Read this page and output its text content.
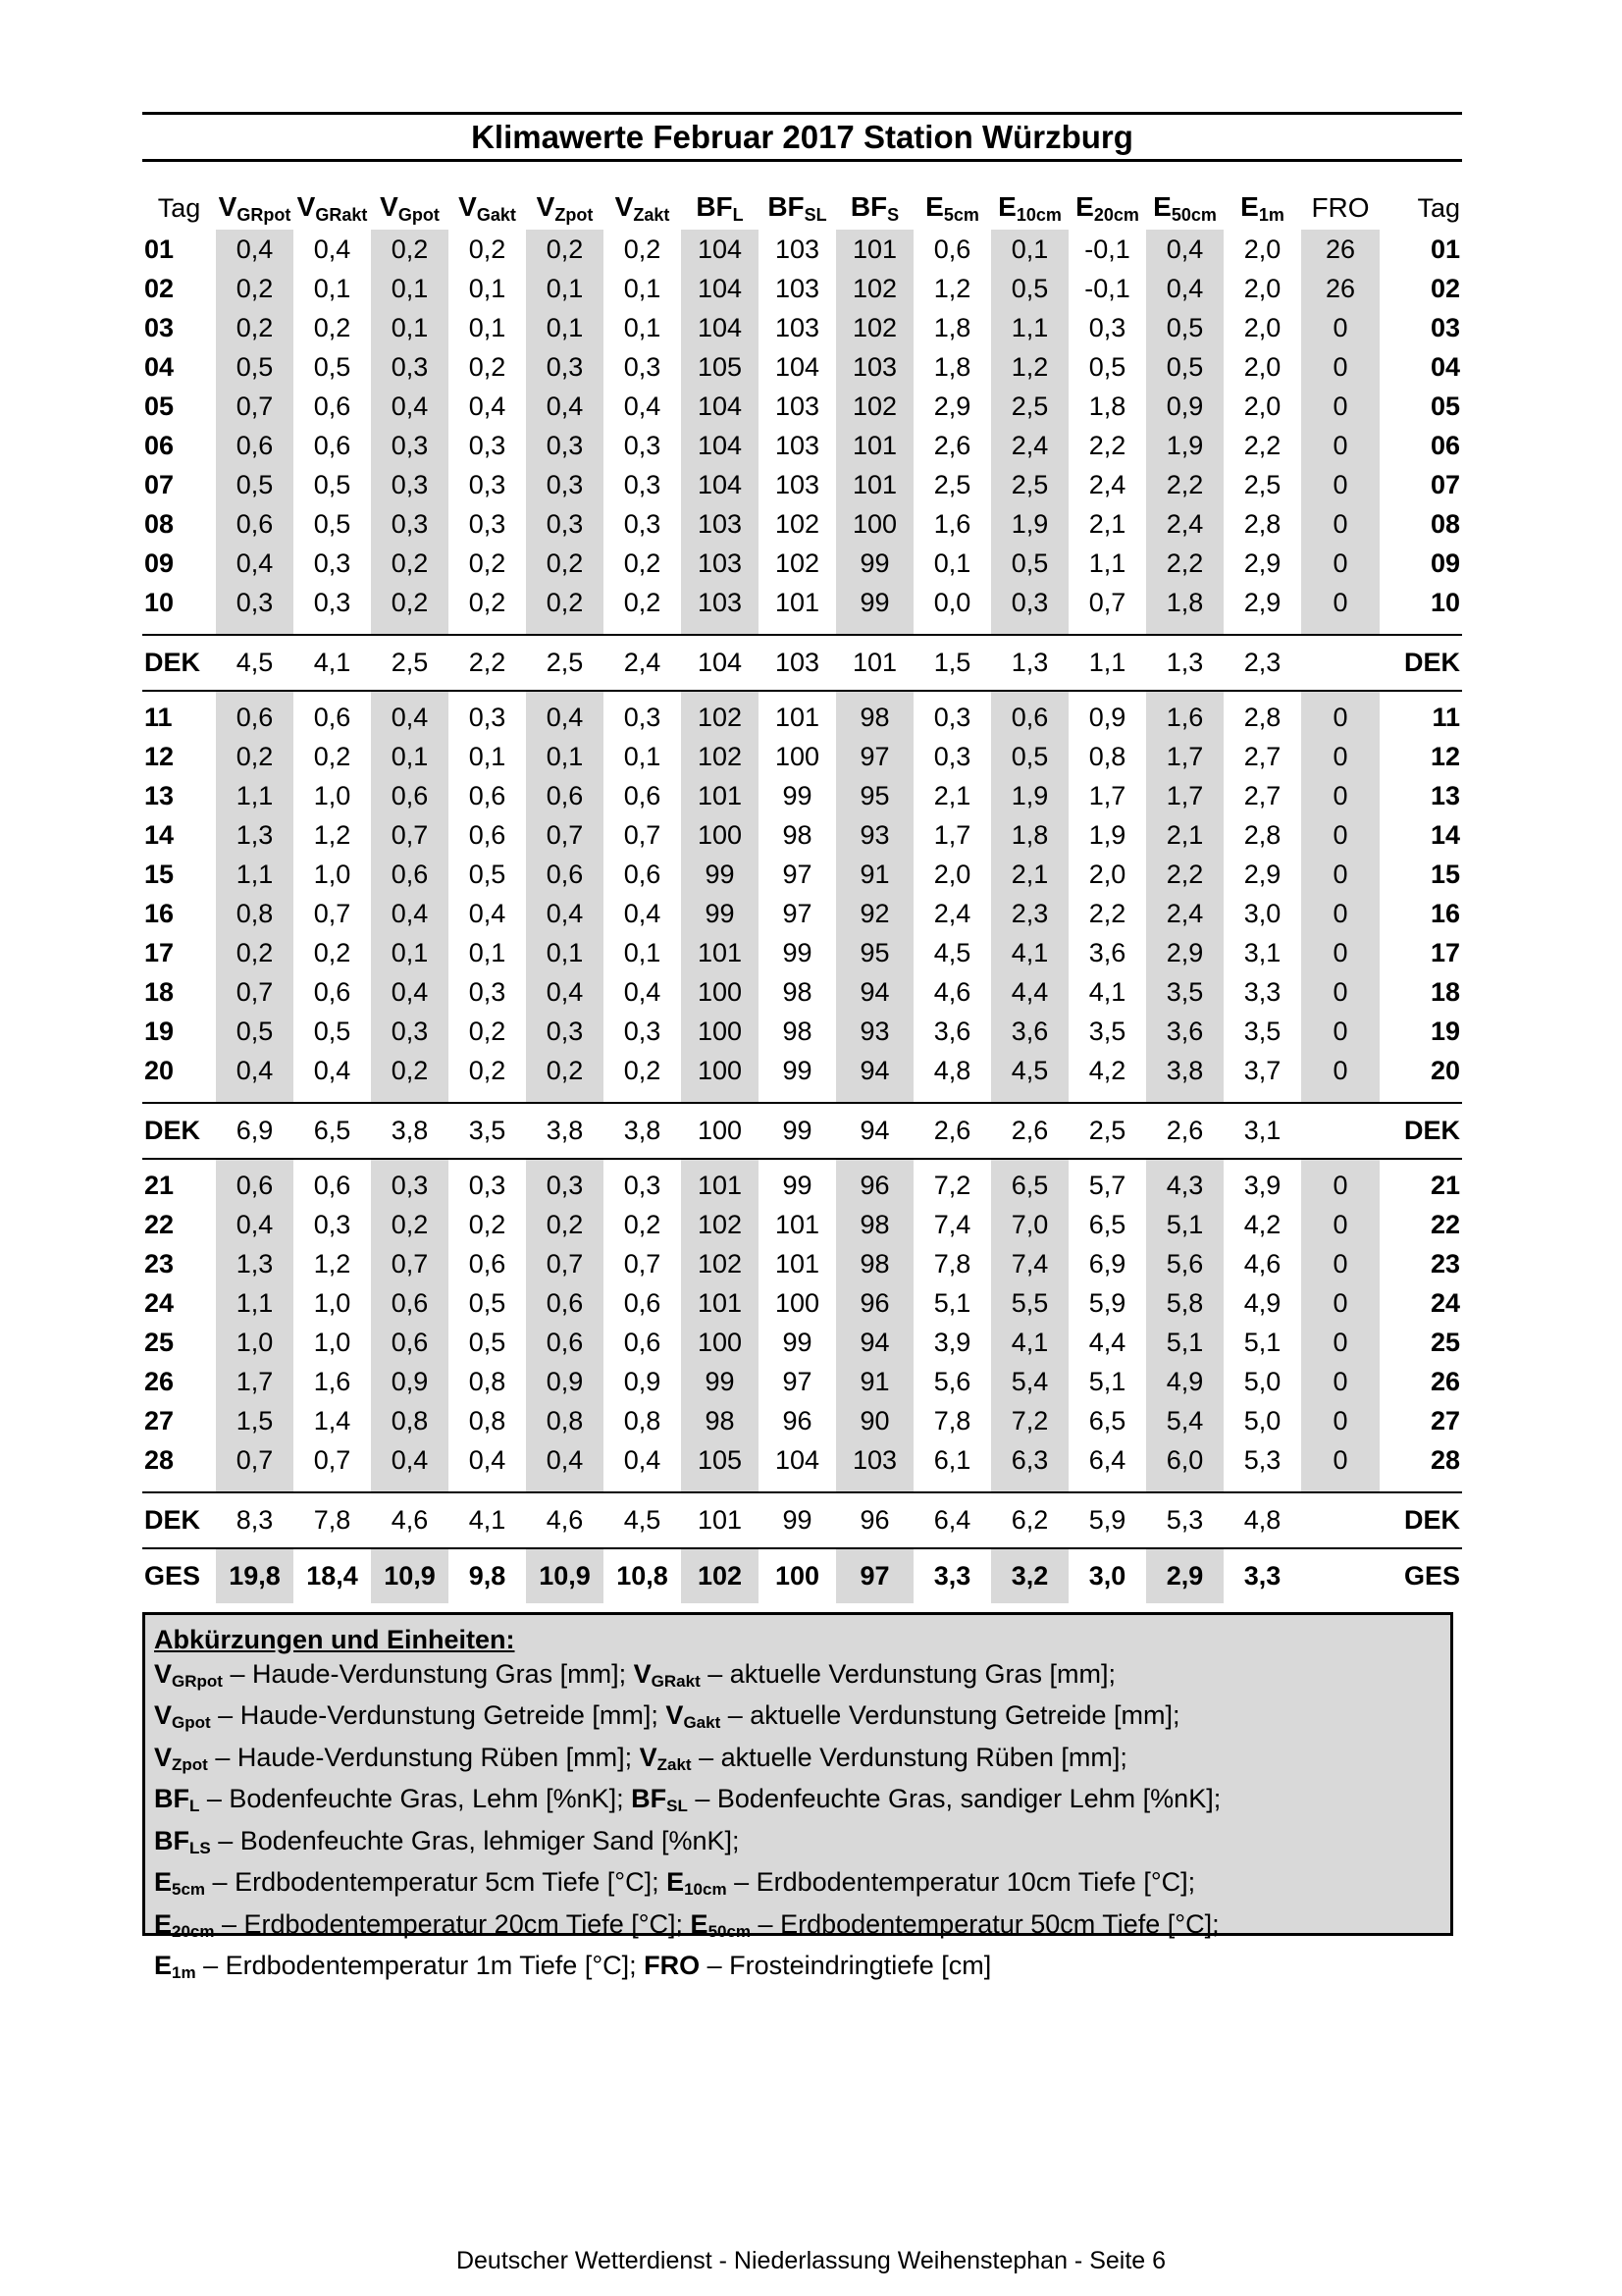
Klimawerte Februar 2017 Station Würzburg
Tag	$V_{GRpot}$	$V_{GRakt}$	$V_{Gpot}$	$V_{Gakt}$	$V_{Zpot}$	$V_{Zakt}$	$BF_L$	$BF_{SL}$	$BF_S$	$E_{5cm}$	$E_{10cm}$	$E_{20cm}$	$E_{50cm}$	$E_{1m}$	FRO	Tag
01	0,4	0,4	0,2	0,2	0,2	0,2	104	103	101	0,6	0,1	-0,1	0,4	2,0	26	01
02	0,2	0,1	0,1	0,1	0,1	0,1	104	103	102	1,2	0,5	-0,1	0,4	2,0	26	02
03	0,2	0,2	0,1	0,1	0,1	0,1	104	103	102	1,8	1,1	0,3	0,5	2,0	0	03
04	0,5	0,5	0,3	0,2	0,3	0,3	105	104	103	1,8	1,2	0,5	0,5	2,0	0	04
05	0,7	0,6	0,4	0,4	0,4	0,4	104	103	102	2,9	2,5	1,8	0,9	2,0	0	05
06	0,6	0,6	0,3	0,3	0,3	0,3	104	103	101	2,6	2,4	2,2	1,9	2,2	0	06
07	0,5	0,5	0,3	0,3	0,3	0,3	104	103	101	2,5	2,5	2,4	2,2	2,5	0	07
08	0,6	0,5	0,3	0,3	0,3	0,3	103	102	100	1,6	1,9	2,1	2,4	2,8	0	08
09	0,4	0,3	0,2	0,2	0,2	0,2	103	102	99	0,1	0,5	1,1	2,2	2,9	0	09
10	0,3	0,3	0,2	0,2	0,2	0,2	103	101	99	0,0	0,3	0,7	1,8	2,9	0	10

DEK	4,5	4,1	2,5	2,2	2,5	2,4	104	103	101	1,5	1,3	1,1	1,3	2,3		DEK

11	0,6	0,6	0,4	0,3	0,4	0,3	102	101	98	0,3	0,6	0,9	1,6	2,8	0	11
12	0,2	0,2	0,1	0,1	0,1	0,1	102	100	97	0,3	0,5	0,8	1,7	2,7	0	12
13	1,1	1,0	0,6	0,6	0,6	0,6	101	99	95	2,1	1,9	1,7	1,7	2,7	0	13
14	1,3	1,2	0,7	0,6	0,7	0,7	100	98	93	1,7	1,8	1,9	2,1	2,8	0	14
15	1,1	1,0	0,6	0,5	0,6	0,6	99	97	91	2,0	2,1	2,0	2,2	2,9	0	15
16	0,8	0,7	0,4	0,4	0,4	0,4	99	97	92	2,4	2,3	2,2	2,4	3,0	0	16
17	0,2	0,2	0,1	0,1	0,1	0,1	101	99	95	4,5	4,1	3,6	2,9	3,1	0	17
18	0,7	0,6	0,4	0,3	0,4	0,4	100	98	94	4,6	4,4	4,1	3,5	3,3	0	18
19	0,5	0,5	0,3	0,2	0,3	0,3	100	98	93	3,6	3,6	3,5	3,6	3,5	0	19
20	0,4	0,4	0,2	0,2	0,2	0,2	100	99	94	4,8	4,5	4,2	3,8	3,7	0	20

DEK	6,9	6,5	3,8	3,5	3,8	3,8	100	99	94	2,6	2,6	2,5	2,6	3,1		DEK

21	0,6	0,6	0,3	0,3	0,3	0,3	101	99	96	7,2	6,5	5,7	4,3	3,9	0	21
22	0,4	0,3	0,2	0,2	0,2	0,2	102	101	98	7,4	7,0	6,5	5,1	4,2	0	22
23	1,3	1,2	0,7	0,6	0,7	0,7	102	101	98	7,8	7,4	6,9	5,6	4,6	0	23
24	1,1	1,0	0,6	0,5	0,6	0,6	101	100	96	5,1	5,5	5,9	5,8	4,9	0	24
25	1,0	1,0	0,6	0,5	0,6	0,6	100	99	94	3,9	4,1	4,4	5,1	5,1	0	25
26	1,7	1,6	0,9	0,8	0,9	0,9	99	97	91	5,6	5,4	5,1	4,9	5,0	0	26
27	1,5	1,4	0,8	0,8	0,8	0,8	98	96	90	7,8	7,2	6,5	5,4	5,0	0	27
28	0,7	0,7	0,4	0,4	0,4	0,4	105	104	103	6,1	6,3	6,4	6,0	5,3	0	28

DEK	8,3	7,8	4,6	4,1	4,6	4,5	101	99	96	6,4	6,2	5,9	5,3	4,8		DEK
GES	19,8	18,4	10,9	9,8	10,9	10,8	102	100	97	3,3	3,2	3,0	2,9	3,3		GES
Abkürzungen und Einheiten:
$V_{GRpot}$ – Haude-Verdunstung Gras [mm]; $V_{GRakt}$ – aktuelle Verdunstung Gras [mm];
$V_{Gpot}$ – Haude-Verdunstung Getreide [mm]; $V_{Gakt}$ – aktuelle Verdunstung Getreide [mm];
$V_{Zpot}$ – Haude-Verdunstung Rüben [mm]; $V_{Zakt}$ – aktuelle Verdunstung Rüben [mm];
$BF_L$ – Bodenfeuchte Gras, Lehm [%nK]; $BF_{SL}$ – Bodenfeuchte Gras, sandiger Lehm [%nK];
$BF_{LS}$ – Bodenfeuchte Gras, lehmiger Sand [%nK];
$E_{5cm}$ – Erdbodentemperatur 5cm Tiefe [°C]; $E_{10cm}$ – Erdbodentemperatur 10cm Tiefe [°C];
$E_{20cm}$ – Erdbodentemperatur 20cm Tiefe [°C]; $E_{50cm}$ – Erdbodentemperatur 50cm Tiefe [°C];
$E_{1m}$ – Erdbodentemperatur 1m Tiefe [°C]; FRO – Frosteindringtiefe [cm]
Deutscher Wetterdienst - Niederlassung Weihenstephan - Seite 6
